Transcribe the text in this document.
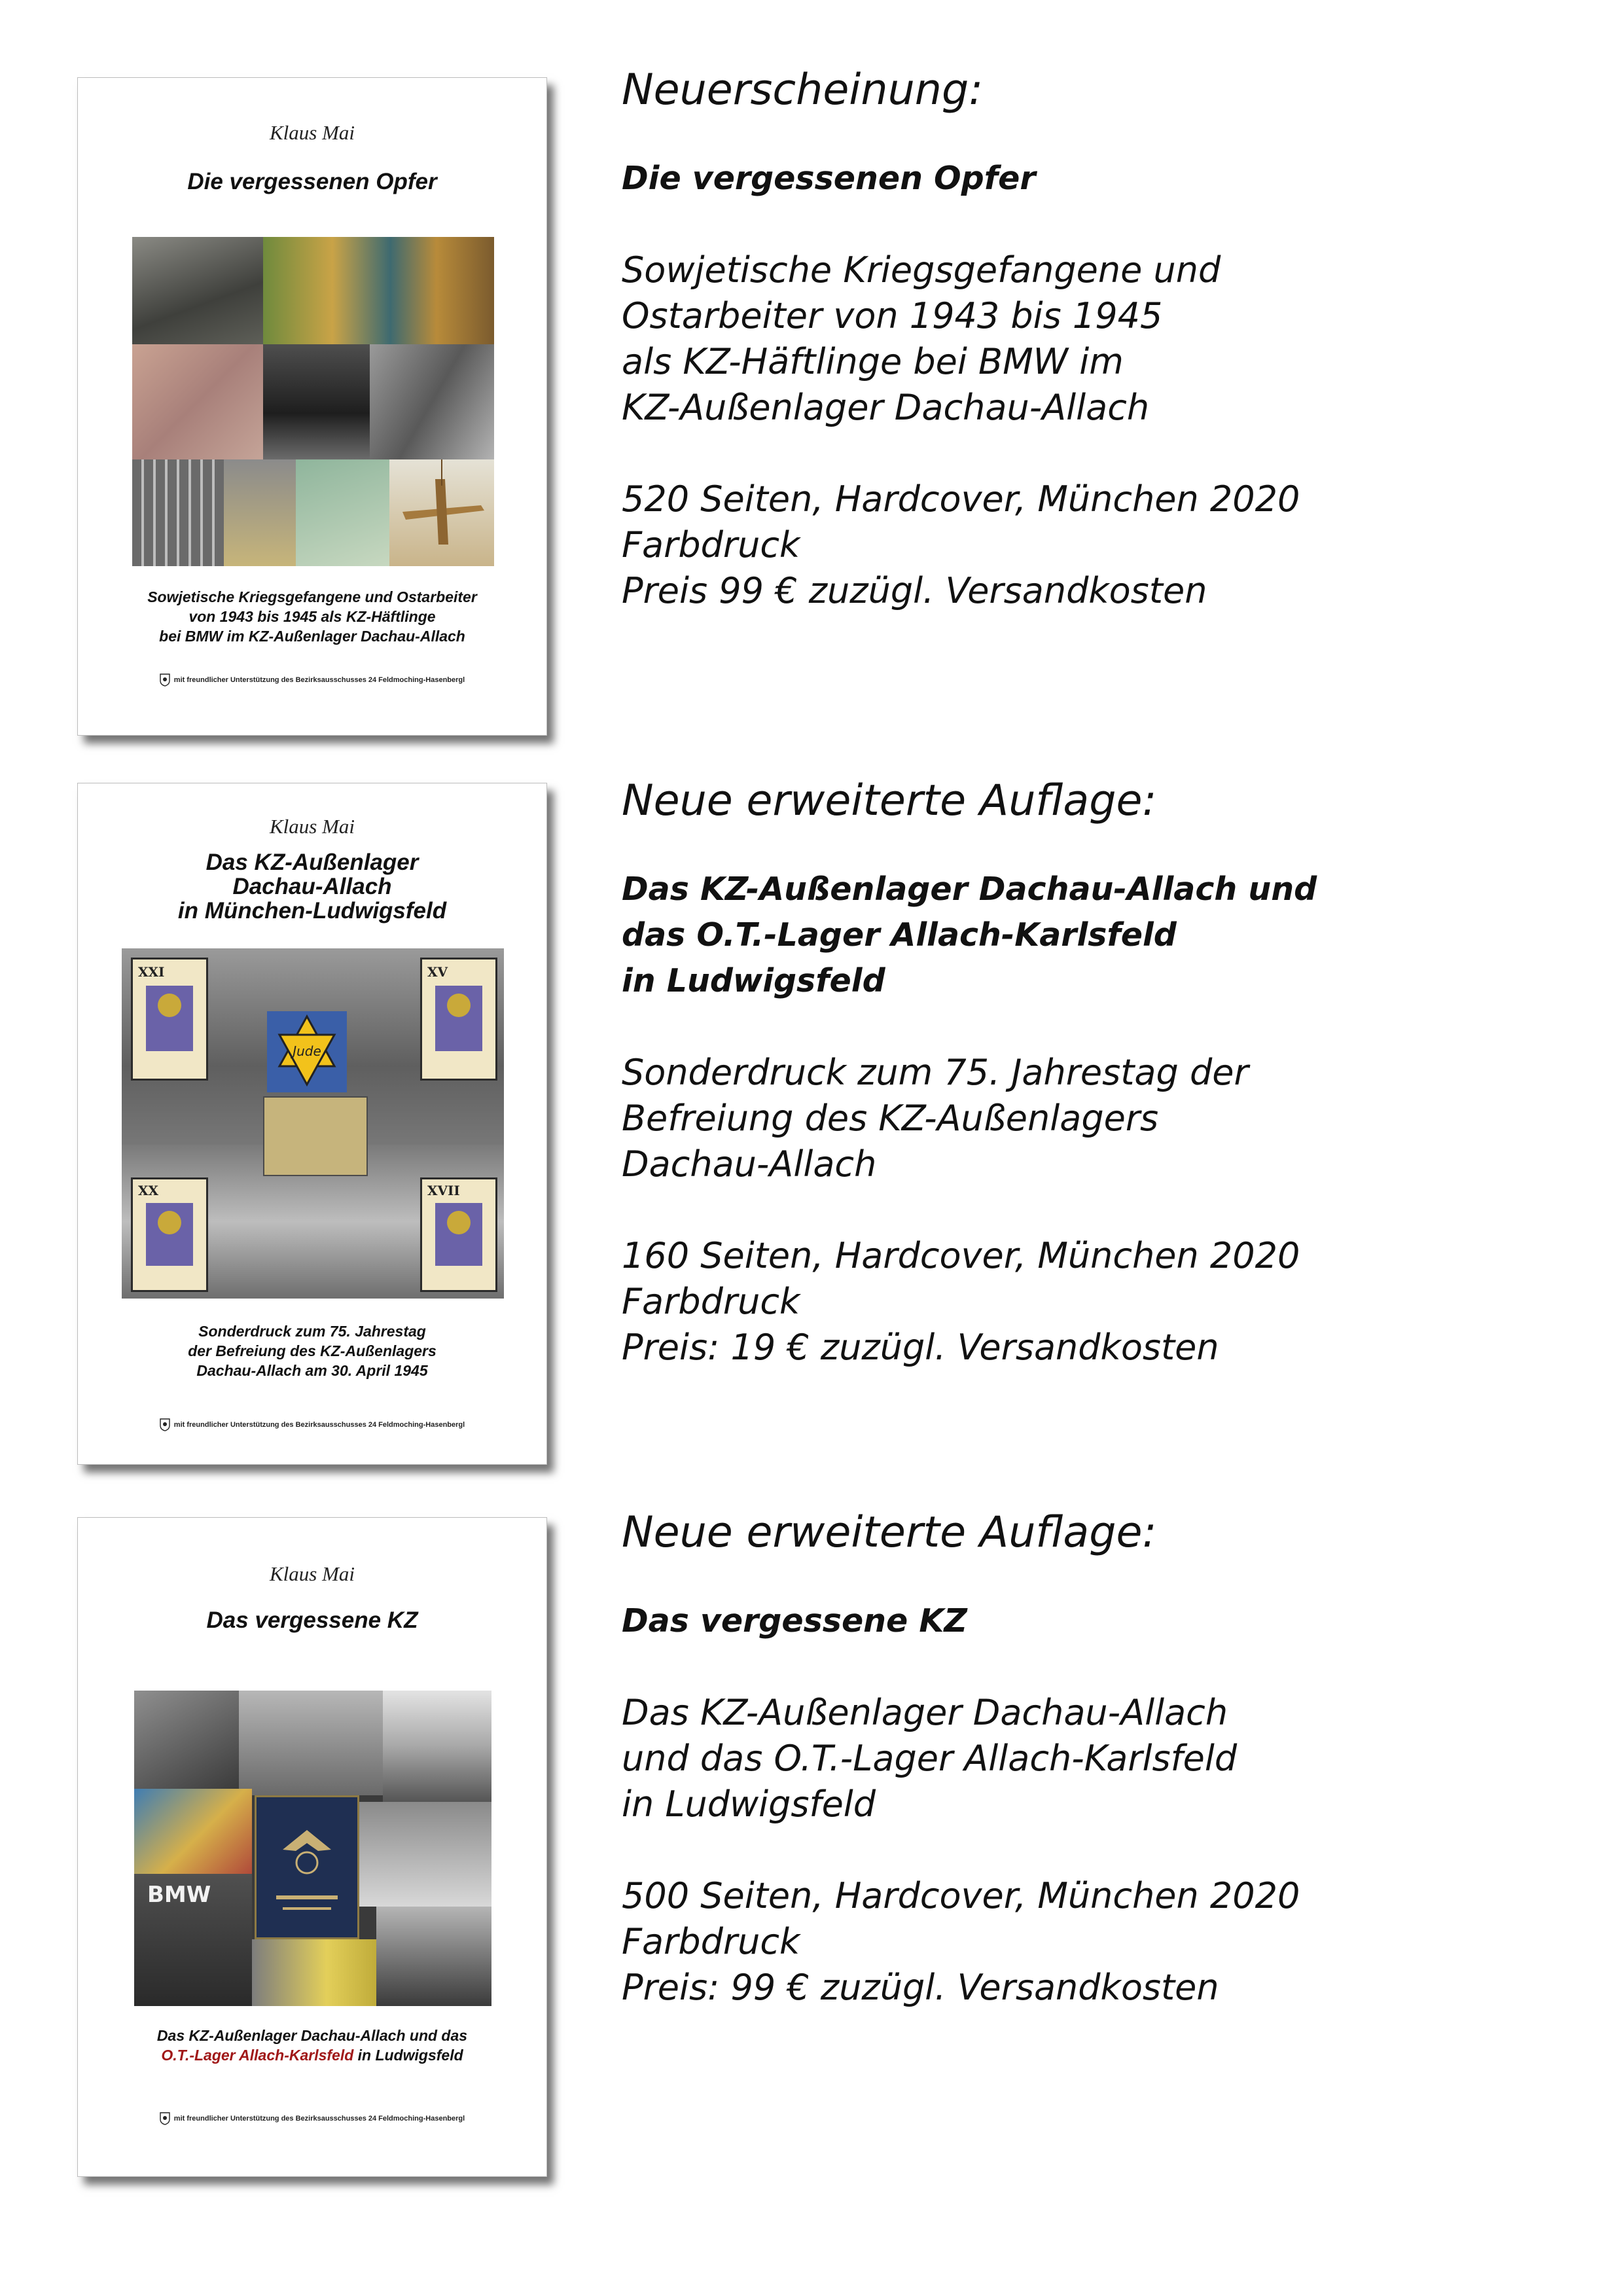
Klaus Mai
Die vergessenen Opfer
Sowjetische Kriegsgefangene und Ostarbeiter
von 1943 bis 1945 als KZ-Häftlinge
bei BMW im KZ-Außenlager Dachau-Allach
mit freundlicher Unterstützung des Bezirksausschusses 24 Feldmoching-Hasenbergl

Neuerscheinung:

Die vergessenen Opfer

Sowjetische Kriegsgefangene und

Ostarbeiter von 1943 bis 1945

als KZ-Häftlinge bei BMW im

KZ-Außenlager Dachau-Allach

520 Seiten, Hardcover, München 2020

Farbdruck

Preis 99 € zuzügl. Versandkosten

Klaus Mai
Das KZ-Außenlager
Dachau-Allach
in München-Ludwigsfeld
XXI	XV
XX	XVII
Jude
Sonderdruck zum 75. Jahrestag
der Befreiung des KZ-Außenlagers
Dachau-Allach am 30. April 1945
mit freundlicher Unterstützung des Bezirksausschusses 24 Feldmoching-Hasenbergl

Neue erweiterte Auflage:

Das KZ-Außenlager Dachau-Allach und

das O.T.-Lager Allach-Karlsfeld

in Ludwigsfeld

Sonderdruck zum 75. Jahrestag der

Befreiung des KZ-Außenlagers

Dachau-Allach

160 Seiten, Hardcover, München 2020

Farbdruck

Preis: 19 € zuzügl. Versandkosten

Klaus Mai
Das vergessene KZ
BMW
Das KZ-Außenlager Dachau-Allach und das
O.T.-Lager Allach-Karlsfeld in Ludwigsfeld
mit freundlicher Unterstützung des Bezirksausschusses 24 Feldmoching-Hasenbergl

Neue erweiterte Auflage:

Das vergessene KZ

Das KZ-Außenlager Dachau-Allach

und das O.T.-Lager Allach-Karlsfeld

in Ludwigsfeld

500 Seiten, Hardcover, München 2020

Farbdruck

Preis: 99 € zuzügl. Versandkosten
